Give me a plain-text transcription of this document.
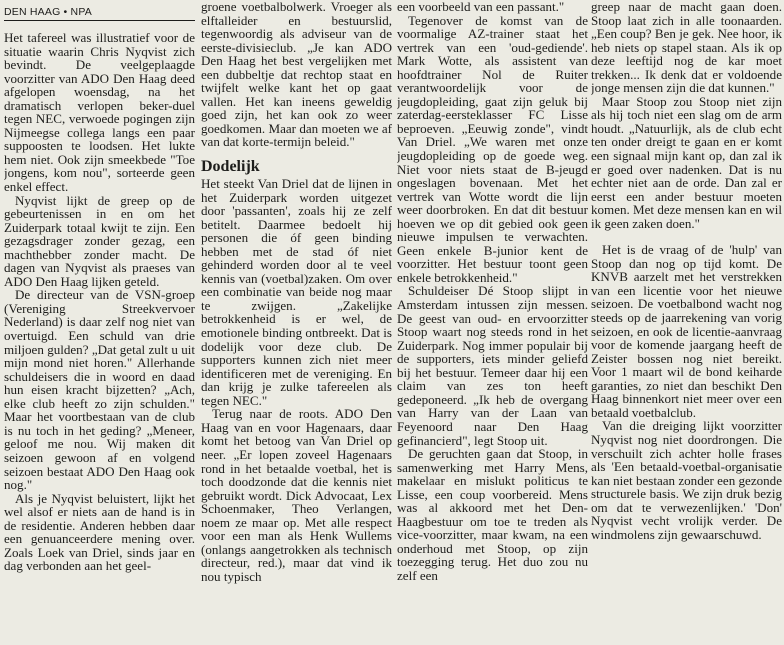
DEN HAAG • NPA

Het tafereel was illustratief voor de situatie waarin Chris Nyqvist zich bevindt. De veelgeplaagde voorzitter van ADO Den Haag deed afgelopen woensdag, na het dramatisch verlopen beker-duel tegen NEC, verwoede pogingen zijn Nijmeegse collega langs een paar suppoosten te loodsen. Het lukte hem niet. Ook zijn smeekbede "Toe jongens, kom nou", sorteerde geen enkel effect.

Nyqvist lijkt de greep op de gebeurtenissen in en om het Zuiderpark totaal kwijt te zijn. Een gezagsdrager zonder gezag, een machthebber zonder macht. De dagen van Nyqvist als praeses van ADO Den Haag lijken geteld.

De directeur van de VSN-groep (Vereniging Streekvervoer Nederland) is daar zelf nog niet van overtuigd. Een schuld van drie miljoen gulden? „Dat getal zult u uit mijn mond niet horen." Allerhande schuldeisers die in woord en daad hun eisen kracht bijzetten? „Ach, elke club heeft zo zijn schulden." Maar het voortbestaan van de club is nu toch in het geding? „Meneer, geloof me nou. Wij maken dit seizoen gewoon af en volgend seizoen bestaat ADO Den Haag ook nog."

Als je Nyqvist beluistert, lijkt het wel alsof er niets aan de hand is in de residentie. Anderen hebben daar een genuanceerdere mening over. Zoals Loek van Driel, sinds jaar en dag verbonden aan het geel-

groene voetbalbolwerk. Vroeger als elftalleider en bestuurslid, tegenwoordig als adviseur van de eerste-divisieclub. „Je kan ADO Den Haag het best vergelijken met een dubbeltje dat rechtop staat en twijfelt welke kant het op gaat vallen. Het kan ineens geweldig goed zijn, het kan ook zo weer goedkomen. Maar dan moeten we af van dat korte-termijn beleid."

Dodelijk

Het steekt Van Driel dat de lijnen in het Zuiderpark worden uitgezet door 'passanten', zoals hij ze zelf betitelt. Daarmee bedoelt hij personen die óf geen binding hebben met de stad óf niet gehinderd worden door al te veel kennis van (voetbal)zaken. Om over een combinatie van beide nog maar te zwijgen. „Zakelijke betrokkenheid is er wel, de emotionele binding ontbreekt. Dat is dodelijk voor deze club. De supporters kunnen zich niet meer identificeren met de vereniging. En dan krijg je zulke tafereelen als tegen NEC."

Terug naar de roots. ADO Den Haag van en voor Hagenaars, daar komt het betoog van Van Driel op neer. „Er lopen zoveel Hagenaars rond in het betaalde voetbal, het is toch doodzonde dat die kennis niet gebruikt wordt. Dick Advocaat, Lex Schoenmaker, Theo Verlangen, noem ze maar op. Met alle respect voor een man als Henk Wullems (onlangs aangetrokken als technisch directeur, red.), maar dat vind ik nou typisch

een voorbeeld van een passant."

Tegenover de komst van de voormalige AZ-trainer staat het vertrek van een 'oud-gediende'. Mark Wotte, als assistent van hoofdtrainer Nol de Ruiter verantwoordelijk voor de jeugdopleiding, gaat zijn geluk bij zaterdag-eersteklasser FC Lisse beproeven. „Eeuwig zonde", vindt Van Driel. „We waren met onze jeugdopleiding op de goede weg. Niet voor niets staat de B-jeugd ongeslagen bovenaan. Met het vertrek van Wotte wordt die lijn weer doorbroken. En dat dit bestuur hoeven we op dit gebied ook geen nieuwe impulsen te verwachten. Geen enkele B-junior kent de voorzitter. Het bestuur toont geen enkele betrokkenheid."

Schuldeiser Dé Stoop slijpt in Amsterdam intussen zijn messen. De geest van oud- en ervoorzitter Stoop waart nog steeds rond in het Zuiderpark. Nog immer populair bij de supporters, iets minder geliefd bij het bestuur. Temeer daar hij een claim van zes ton heeft gedeponeerd. „Ik heb de overgang van Harry van der Laan van Feyenoord naar Den Haag gefinancierd", legt Stoop uit.

De geruchten gaan dat Stoop, in samenwerking met Harry Mens, makelaar en mislukt politicus te Lisse, een coup voorbereid. Mens was al akkoord met het Den-Haagbestuur om toe te treden als vice-voorzitter, maar kwam, na een onderhoud met Stoop, op zijn toezegging terug. Het duo zou nu zelf een

greep naar de macht gaan doen. Stoop laat zich in alle toonaarden. „Een coup? Ben je gek. Nee hoor, ik heb niets op stapel staan. Als ik op deze leeftijd nog de kar moet trekken... Ik denk dat er voldoende jonge mensen zijn die dat kunnen."

Maar Stoop zou Stoop niet zijn als hij toch niet een slag om de arm houdt. „Natuurlijk, als de club echt ten onder dreigt te gaan en er komt een signaal mijn kant op, dan zal ik er goed over nadenken. Dat is nu echter niet aan de orde. Dan zal er eerst een ander bestuur moeten komen. Met deze mensen kan en wil ik geen zaken doen."

Het is de vraag of de 'hulp' van Stoop dan nog op tijd komt. De KNVB aarzelt met het verstrekken van een licentie voor het nieuwe seizoen. De voetbalbond wacht nog steeds op de jaarrekening van vorig seizoen, en ook de licentie-aanvraag voor de komende jaargang heeft de Zeister bossen nog niet bereikt. Voor 1 maart wil de bond keiharde garanties, zo niet dan beschikt Den Haag binnenkort niet meer over een betaald voetbalclub.

Van die dreiging lijkt voorzitter Nyqvist nog niet doordrongen. Die verschuilt zich achter holle frases als 'Een betaald-voetbal-organisatie kan niet bestaan zonder een gezonde structurele basis. We zijn druk bezig om dat te verwezenlijken.' 'Don' Nyqvist vecht vrolijk verder. De windmolens zijn gewaarschuwd.
